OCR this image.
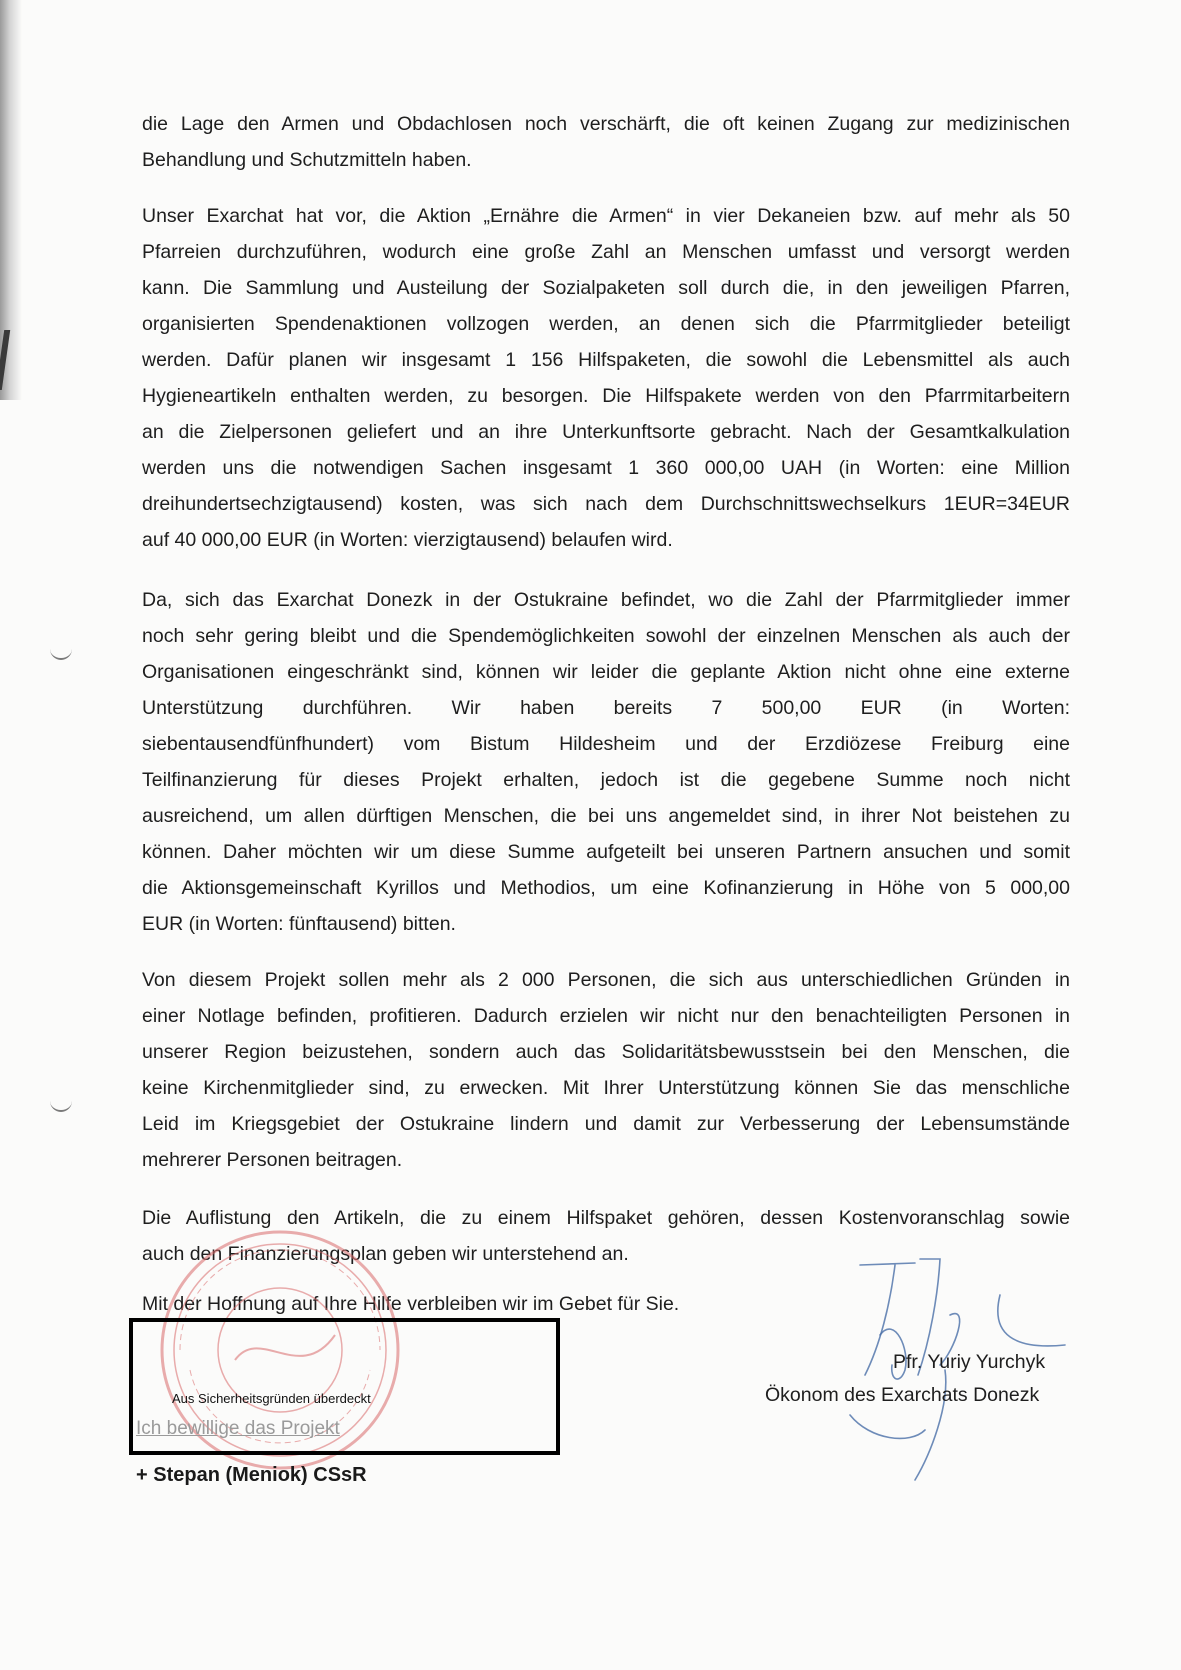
die Lage den Armen und Obdachlosen noch verschärft, die oft keinen Zugang zur medizinischen
Behandlung und Schutzmitteln haben.
Unser Exarchat hat vor, die Aktion „Ernähre die Armen“ in vier Dekaneien bzw. auf mehr als 50
Pfarreien durchzuführen, wodurch eine große Zahl an Menschen umfasst und versorgt werden
kann. Die Sammlung und Austeilung der Sozialpaketen soll durch die, in den jeweiligen Pfarren,
organisierten Spendenaktionen vollzogen werden, an denen sich die Pfarrmitglieder beteiligt
werden. Dafür planen wir insgesamt 1 156 Hilfspaketen, die sowohl die Lebensmittel als auch
Hygieneartikeln enthalten werden, zu besorgen. Die Hilfspakete werden von den Pfarrmitarbeitern
an die Zielpersonen geliefert und an ihre Unterkunftsorte gebracht. Nach der Gesamtkalkulation
werden uns die notwendigen Sachen insgesamt 1 360 000,00 UAH (in Worten: eine Million
dreihundertsechzigtausend) kosten, was sich nach dem Durchschnittswechselkurs 1EUR=34EUR
auf 40 000,00 EUR (in Worten: vierzigtausend) belaufen wird.
Da, sich das Exarchat Donezk in der Ostukraine befindet, wo die Zahl der Pfarrmitglieder immer
noch sehr gering bleibt und die Spendemöglichkeiten sowohl der einzelnen Menschen als auch der
Organisationen eingeschränkt sind, können wir leider die geplante Aktion nicht ohne eine externe
Unterstützung durchführen. Wir haben bereits 7 500,00 EUR (in Worten:
siebentausendfünfhundert) vom Bistum Hildesheim und der Erzdiözese Freiburg eine
Teilfinanzierung für dieses Projekt erhalten, jedoch ist die gegebene Summe noch nicht
ausreichend, um allen dürftigen Menschen, die bei uns angemeldet sind, in ihrer Not beistehen zu
können. Daher möchten wir um diese Summe aufgeteilt bei unseren Partnern ansuchen und somit
die Aktionsgemeinschaft Kyrillos und Methodios, um eine Kofinanzierung in Höhe von 5 000,00
EUR (in Worten: fünftausend) bitten.
Von diesem Projekt sollen mehr als 2 000 Personen, die sich aus unterschiedlichen Gründen in
einer Notlage befinden, profitieren. Dadurch erzielen wir nicht nur den benachteiligten Personen in
unserer Region beizustehen, sondern auch das Solidaritätsbewusstsein bei den Menschen, die
keine Kirchenmitglieder sind, zu erwecken. Mit Ihrer Unterstützung können Sie das menschliche
Leid im Kriegsgebiet der Ostukraine lindern und damit zur Verbesserung der Lebensumstände
mehrerer Personen beitragen.
Die Auflistung den Artikeln, die zu einem Hilfspaket gehören, dessen Kostenvoranschlag sowie
auch den Finanzierungsplan geben wir unterstehend an.
Mit der Hoffnung auf Ihre Hilfe verbleiben wir im Gebet für Sie.
Aus Sicherheitsgründen überdeckt
Ich bewillige das Projekt
+ Stepan (Meniok) CSsR
Pfr. Yuriy Yurchyk
Ökonom des Exarchats Donezk
